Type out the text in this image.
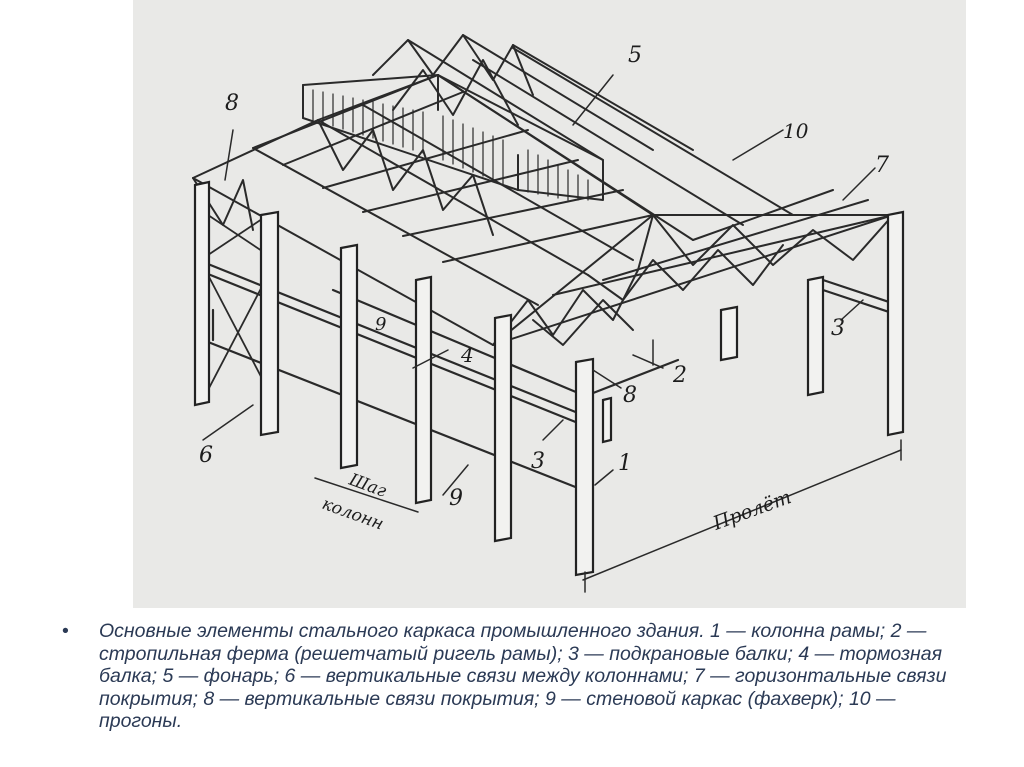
8
5
10
7
3
2
8
4
9
3	1
9
6
Пролёт
Шаг
колонн
• Основные элементы стального каркаса промышленного здания. 1 — колонна рамы; 2 — стропильная ферма (решетчатый ригель рамы); 3 — подкрановые балки; 4 — тормозная балка; 5 — фонарь; 6 — вертикальные связи между колоннами; 7 — горизонтальные связи покрытия; 8 — вертикальные связи покрытия; 9 — стеновой каркас (фахверк); 10 — прогоны.
